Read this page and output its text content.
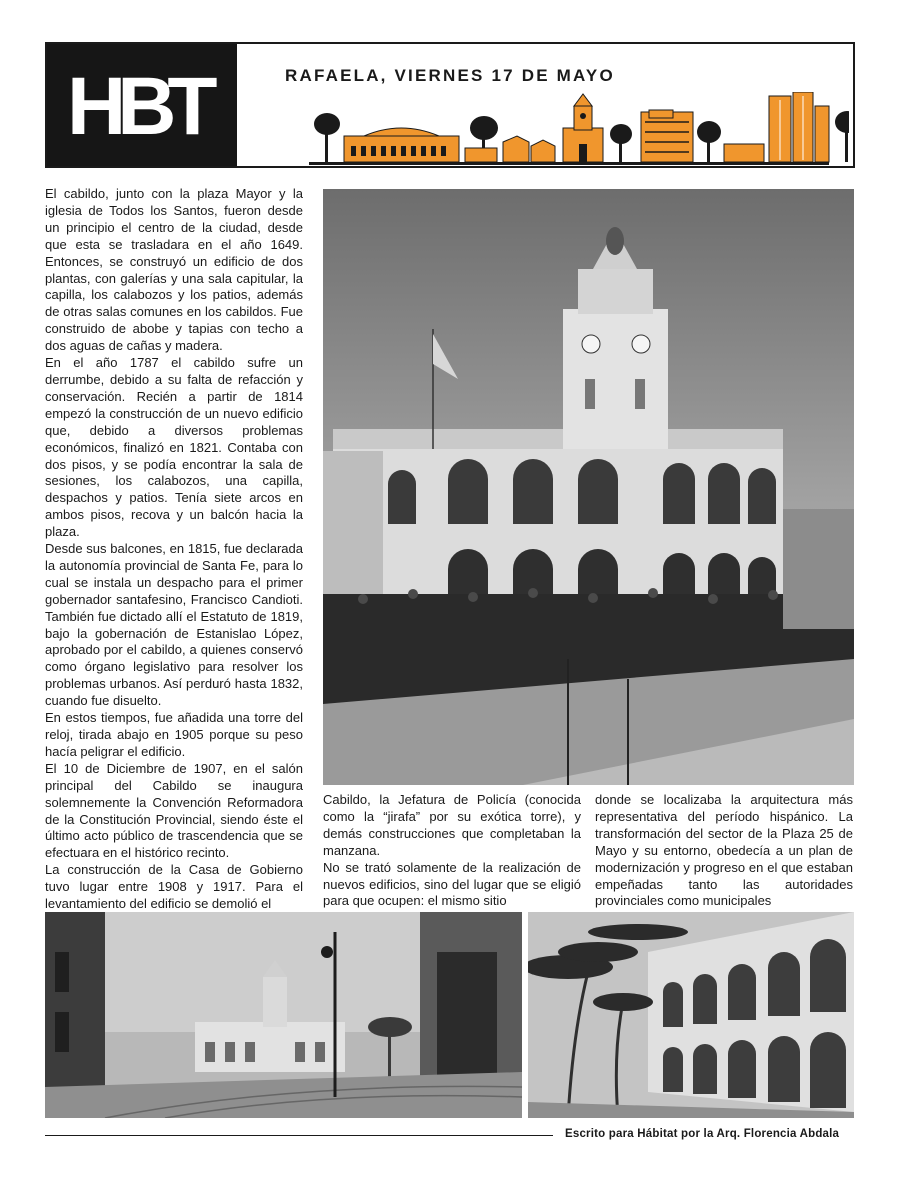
HBT	RAFAELA, VIERNES 17 DE MAYO

El cabildo, junto con la plaza Mayor y la iglesia de Todos los Santos, fueron desde un principio el centro de la ciudad, desde que esta se trasladara en el año 1649. Entonces, se construyó un edificio de dos plantas, con galerías y una sala capitular, la capilla, los calabozos y los patios, además de otras salas comunes en los cabildos. Fue construido de abobe y tapias con techo a dos aguas de cañas y madera.

En el año 1787 el cabildo sufre un derrumbe, debido a su falta de refacción y conservación. Recién a partir de 1814 empezó la construcción de un nuevo edificio que, debido a diversos problemas económicos, finalizó en 1821. Contaba con dos pisos, y se podía encontrar la sala de sesiones, los calabozos, una capilla, despachos y patios. Tenía siete arcos en ambos pisos, recova y un balcón hacia la plaza.

Desde sus balcones, en 1815, fue declarada la autonomía provincial de Santa Fe, para lo cual se instala un despacho para el primer gobernador santafesino, Francisco Candioti. También fue dictado allí el Estatuto de 1819, bajo la gobernación de Estanislao López, aprobado por el cabildo, a quienes conservó como órgano legislativo para resolver los problemas urbanos. Así perduró hasta 1832, cuando fue disuelto.

En estos tiempos, fue añadida una torre del reloj, tirada abajo en 1905 porque su peso hacía peligrar el edificio.

El 10 de Diciembre de 1907, en el salón principal del Cabildo se inaugura solemnemente la Convención Reformadora de la Constitución Provincial, siendo éste el último acto público de trascendencia que se efectuara en el histórico recinto.

La construcción de la Casa de Gobierno tuvo lugar entre 1908 y 1917. Para el levantamiento del edificio se demolió el

Cabildo, la Jefatura de Policía (conocida como la “jirafa” por su exótica torre), y demás construcciones que completaban la manzana.

No se trató solamente de la realización de nuevos edificios, sino del lugar que se eligió para que ocupen: el mismo sitio

donde se localizaba la arquitectura más representativa del período hispánico. La transformación del sector de la Plaza 25 de Mayo y su entorno, obedecía a un plan de modernización y progreso en el que estaban empeñadas tanto las autoridades provinciales como municipales

Escrito para Hábitat por la Arq. Florencia Abdala
